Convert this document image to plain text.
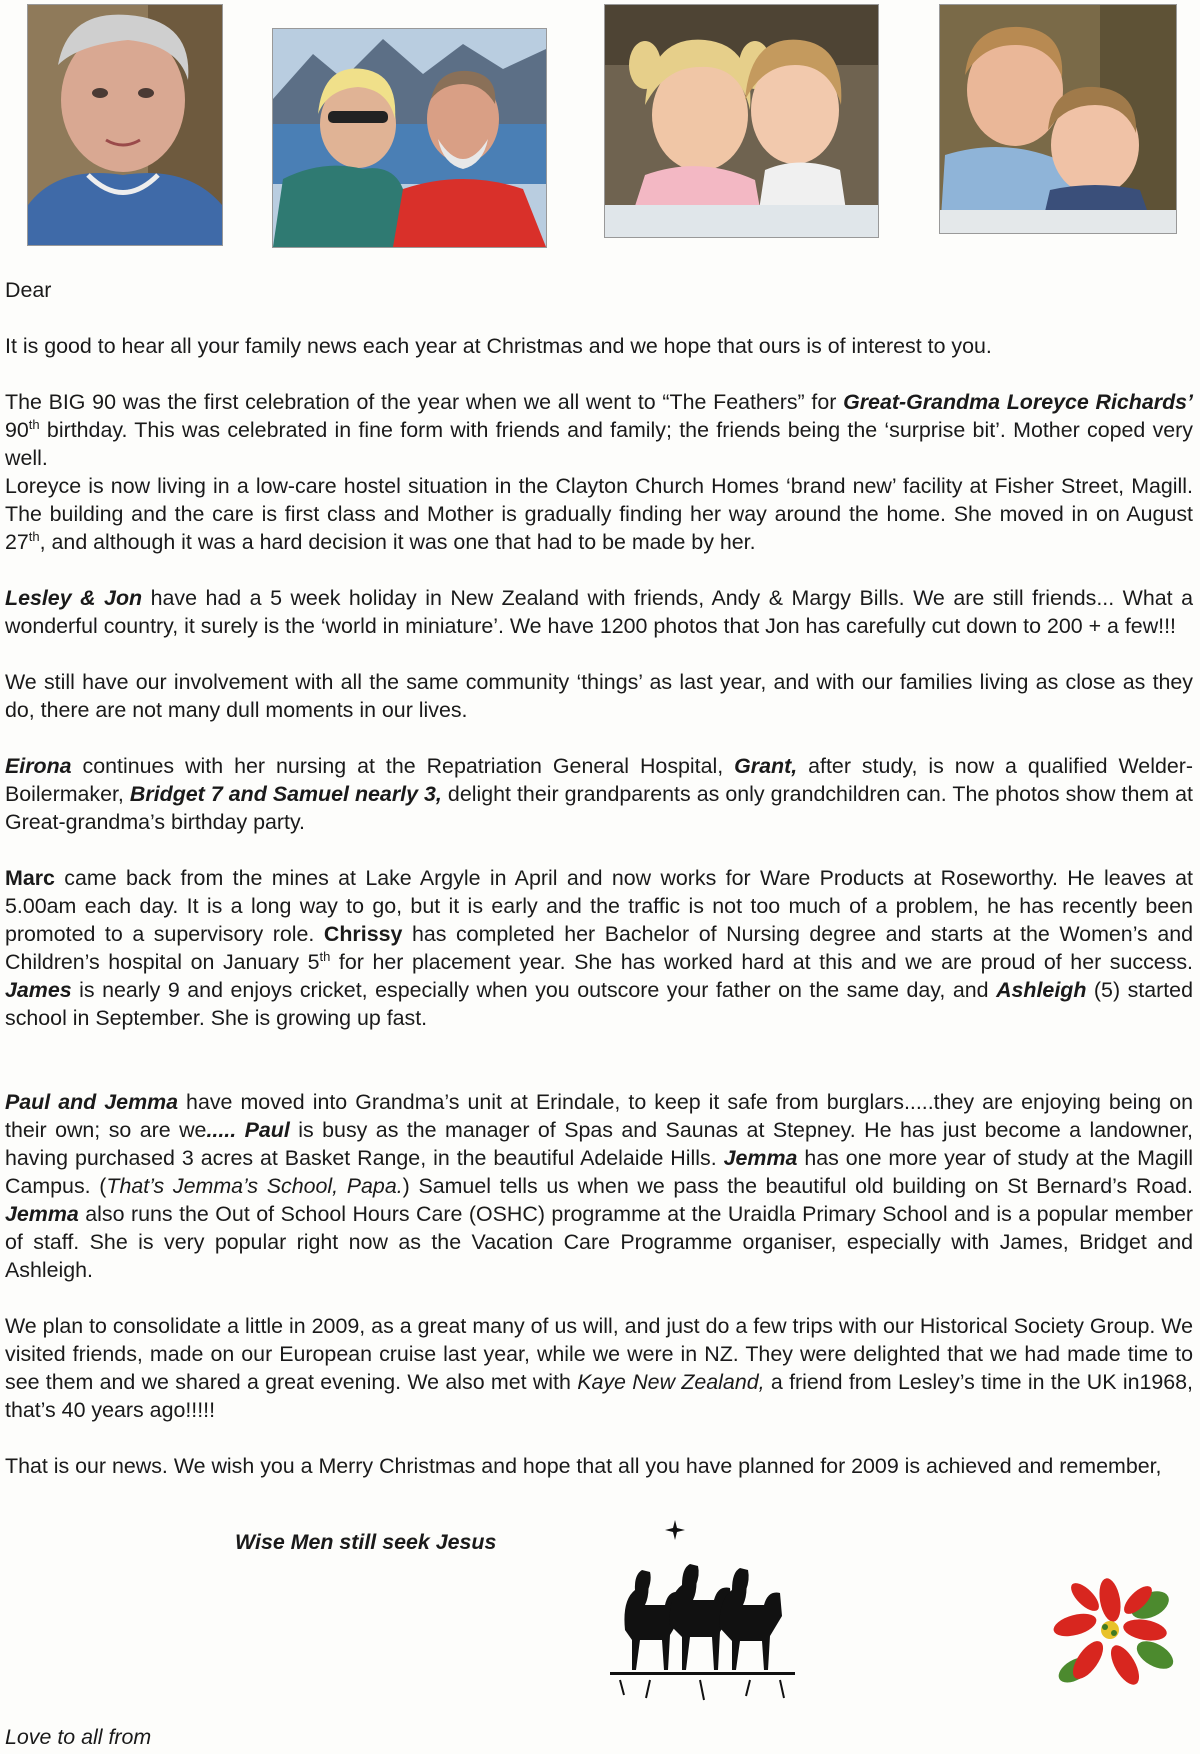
Dear

It is good to hear all your family news each year at Christmas and we hope that ours is of interest to you.

The BIG 90 was the first celebration of the year when we all went to “The Feathers” for Great-Grandma Loreyce Richards’ 90th birthday. This was celebrated in fine form with friends and family; the friends being the ‘surprise bit’. Mother coped very well.

Loreyce is now living in a low-care hostel situation in the Clayton Church Homes ‘brand new’ facility at Fisher Street, Magill. The building and the care is first class and Mother is gradually finding her way around the home. She moved in on August 27th, and although it was a hard decision it was one that had to be made by her.

Lesley & Jon have had a 5 week holiday in New Zealand with friends, Andy & Margy Bills. We are still friends... What a wonderful country, it surely is the ‘world in miniature’. We have 1200 photos that Jon has carefully cut down to 200 + a few!!!

We still have our involvement with all the same community ‘things’ as last year, and with our families living as close as they do, there are not many dull moments in our lives.

Eirona continues with her nursing at the Repatriation General Hospital, Grant, after study, is now a qualified Welder-Boilermaker, Bridget 7 and Samuel nearly 3, delight their grandparents as only grandchildren can. The photos show them at Great-grandma’s birthday party.

Marc came back from the mines at Lake Argyle in April and now works for Ware Products at Roseworthy. He leaves at 5.00am each day. It is a long way to go, but it is early and the traffic is not too much of a problem, he has recently been promoted to a supervisory role. Chrissy has completed her Bachelor of Nursing degree and starts at the Women’s and Children’s hospital on January 5th for her placement year. She has worked hard at this and we are proud of her success. James is nearly 9 and enjoys cricket, especially when you outscore your father on the same day, and Ashleigh (5) started school in September. She is growing up fast.

Paul and Jemma have moved into Grandma’s unit at Erindale, to keep it safe from burglars.....they are enjoying being on their own; so are we..... Paul is busy as the manager of Spas and Saunas at Stepney. He has just become a landowner, having purchased 3 acres at Basket Range, in the beautiful Adelaide Hills. Jemma has one more year of study at the Magill Campus. (That’s Jemma’s School, Papa.) Samuel tells us when we pass the beautiful old building on St Bernard’s Road. Jemma also runs the Out of School Hours Care (OSHC) programme at the Uraidla Primary School and is a popular member of staff. She is very popular right now as the Vacation Care Programme organiser, especially with James, Bridget and Ashleigh.

We plan to consolidate a little in 2009, as a great many of us will, and just do a few trips with our Historical Society Group. We visited friends, made on our European cruise last year, while we were in NZ. They were delighted that we had made time to see them and we shared a great evening. We also met with Kaye New Zealand, a friend from Lesley’s time in the UK in1968, that’s 40 years ago!!!!!

That is our news. We wish you a Merry Christmas and hope that all you have planned for 2009 is achieved and remember,

Wise Men still seek Jesus
Love to all from
